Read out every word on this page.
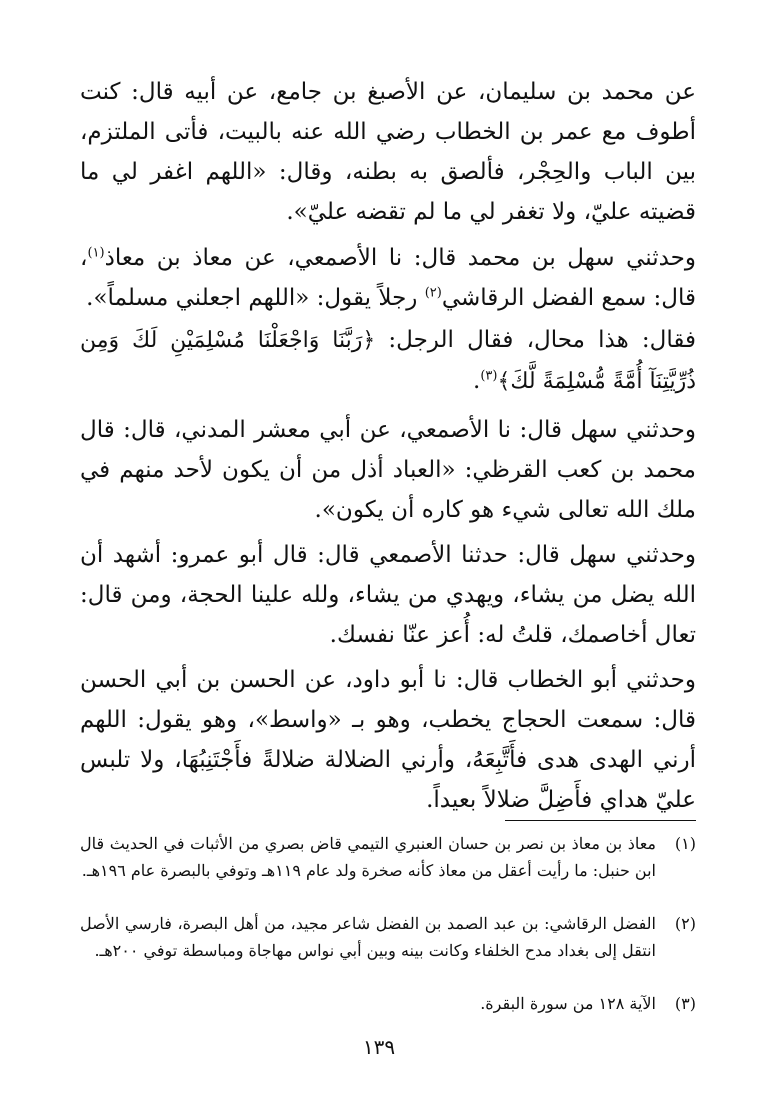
عن محمد بن سليمان، عن الأصبغ بن جامع، عن أبيه قال: كنت أطوف مع عمر بن الخطاب رضي الله عنه بالبيت، فأتى الملتزم، بين الباب والحِجْر، فألصق به بطنه، وقال: «اللهم اغفر لي ما قضيته عليّ، ولا تغفر لي ما لم تقضه عليّ».

وحدثني سهل بن محمد قال: نا الأصمعي، عن معاذ بن معاذ$^{(١)}$، قال: سمع الفضل الرقاشي$^{(٢)}$ رجلاً يقول: «اللهم اجعلني مسلماً».

فقال: هذا محال، فقال الرجل: ﴿رَبَّنَا وَاجْعَلْنَا مُسْلِمَيْنِ لَكَ وَمِن ذُرِّيَّتِنَآ أُمَّةً مُّسْلِمَةً لَّكَ﴾$^{(٣)}$.

وحدثني سهل قال: نا الأصمعي، عن أبي معشر المدني، قال: قال محمد بن كعب القرظي: «العباد أذل من أن يكون لأحد منهم في ملك الله تعالى شيء هو كاره أن يكون».

وحدثني سهل قال: حدثنا الأصمعي قال: قال أبو عمرو: أشهد أن الله يضل من يشاء، ويهدي من يشاء، ولله علينا الحجة، ومن قال: تعال أخاصمك، قلتُ له: أُعز عنّا نفسك.

وحدثني أبو الخطاب قال: نا أبو داود، عن الحسن بن أبي الحسن قال: سمعت الحجاج يخطب، وهو بـ «واسط»، وهو يقول: اللهم أرني الهدى هدى فأَتَّبِعَهُ، وأرني الضلالة ضلالةً فأَجْتَنِبُهَا، ولا تلبس عليّ هداي فأَضِلَّ ضلالاً بعيداً.

(١)
معاذ بن معاذ بن نصر بن حسان العنبري التيمي قاض بصري من الأثبات في الحديث قال ابن حنبل: ما رأيت أعقل من معاذ كأنه صخرة ولد عام ١١٩هـ وتوفي بالبصرة عام ١٩٦هـ.
(٢)
الفضل الرقاشي: بن عبد الصمد بن الفضل شاعر مجيد، من أهل البصرة، فارسي الأصل انتقل إلى بغداد مدح الخلفاء وكانت بينه وبين أبي نواس مهاجاة ومباسطة توفي ٢٠٠هـ.
(٣)
الآية ١٢٨ من سورة البقرة.
١٣٩
